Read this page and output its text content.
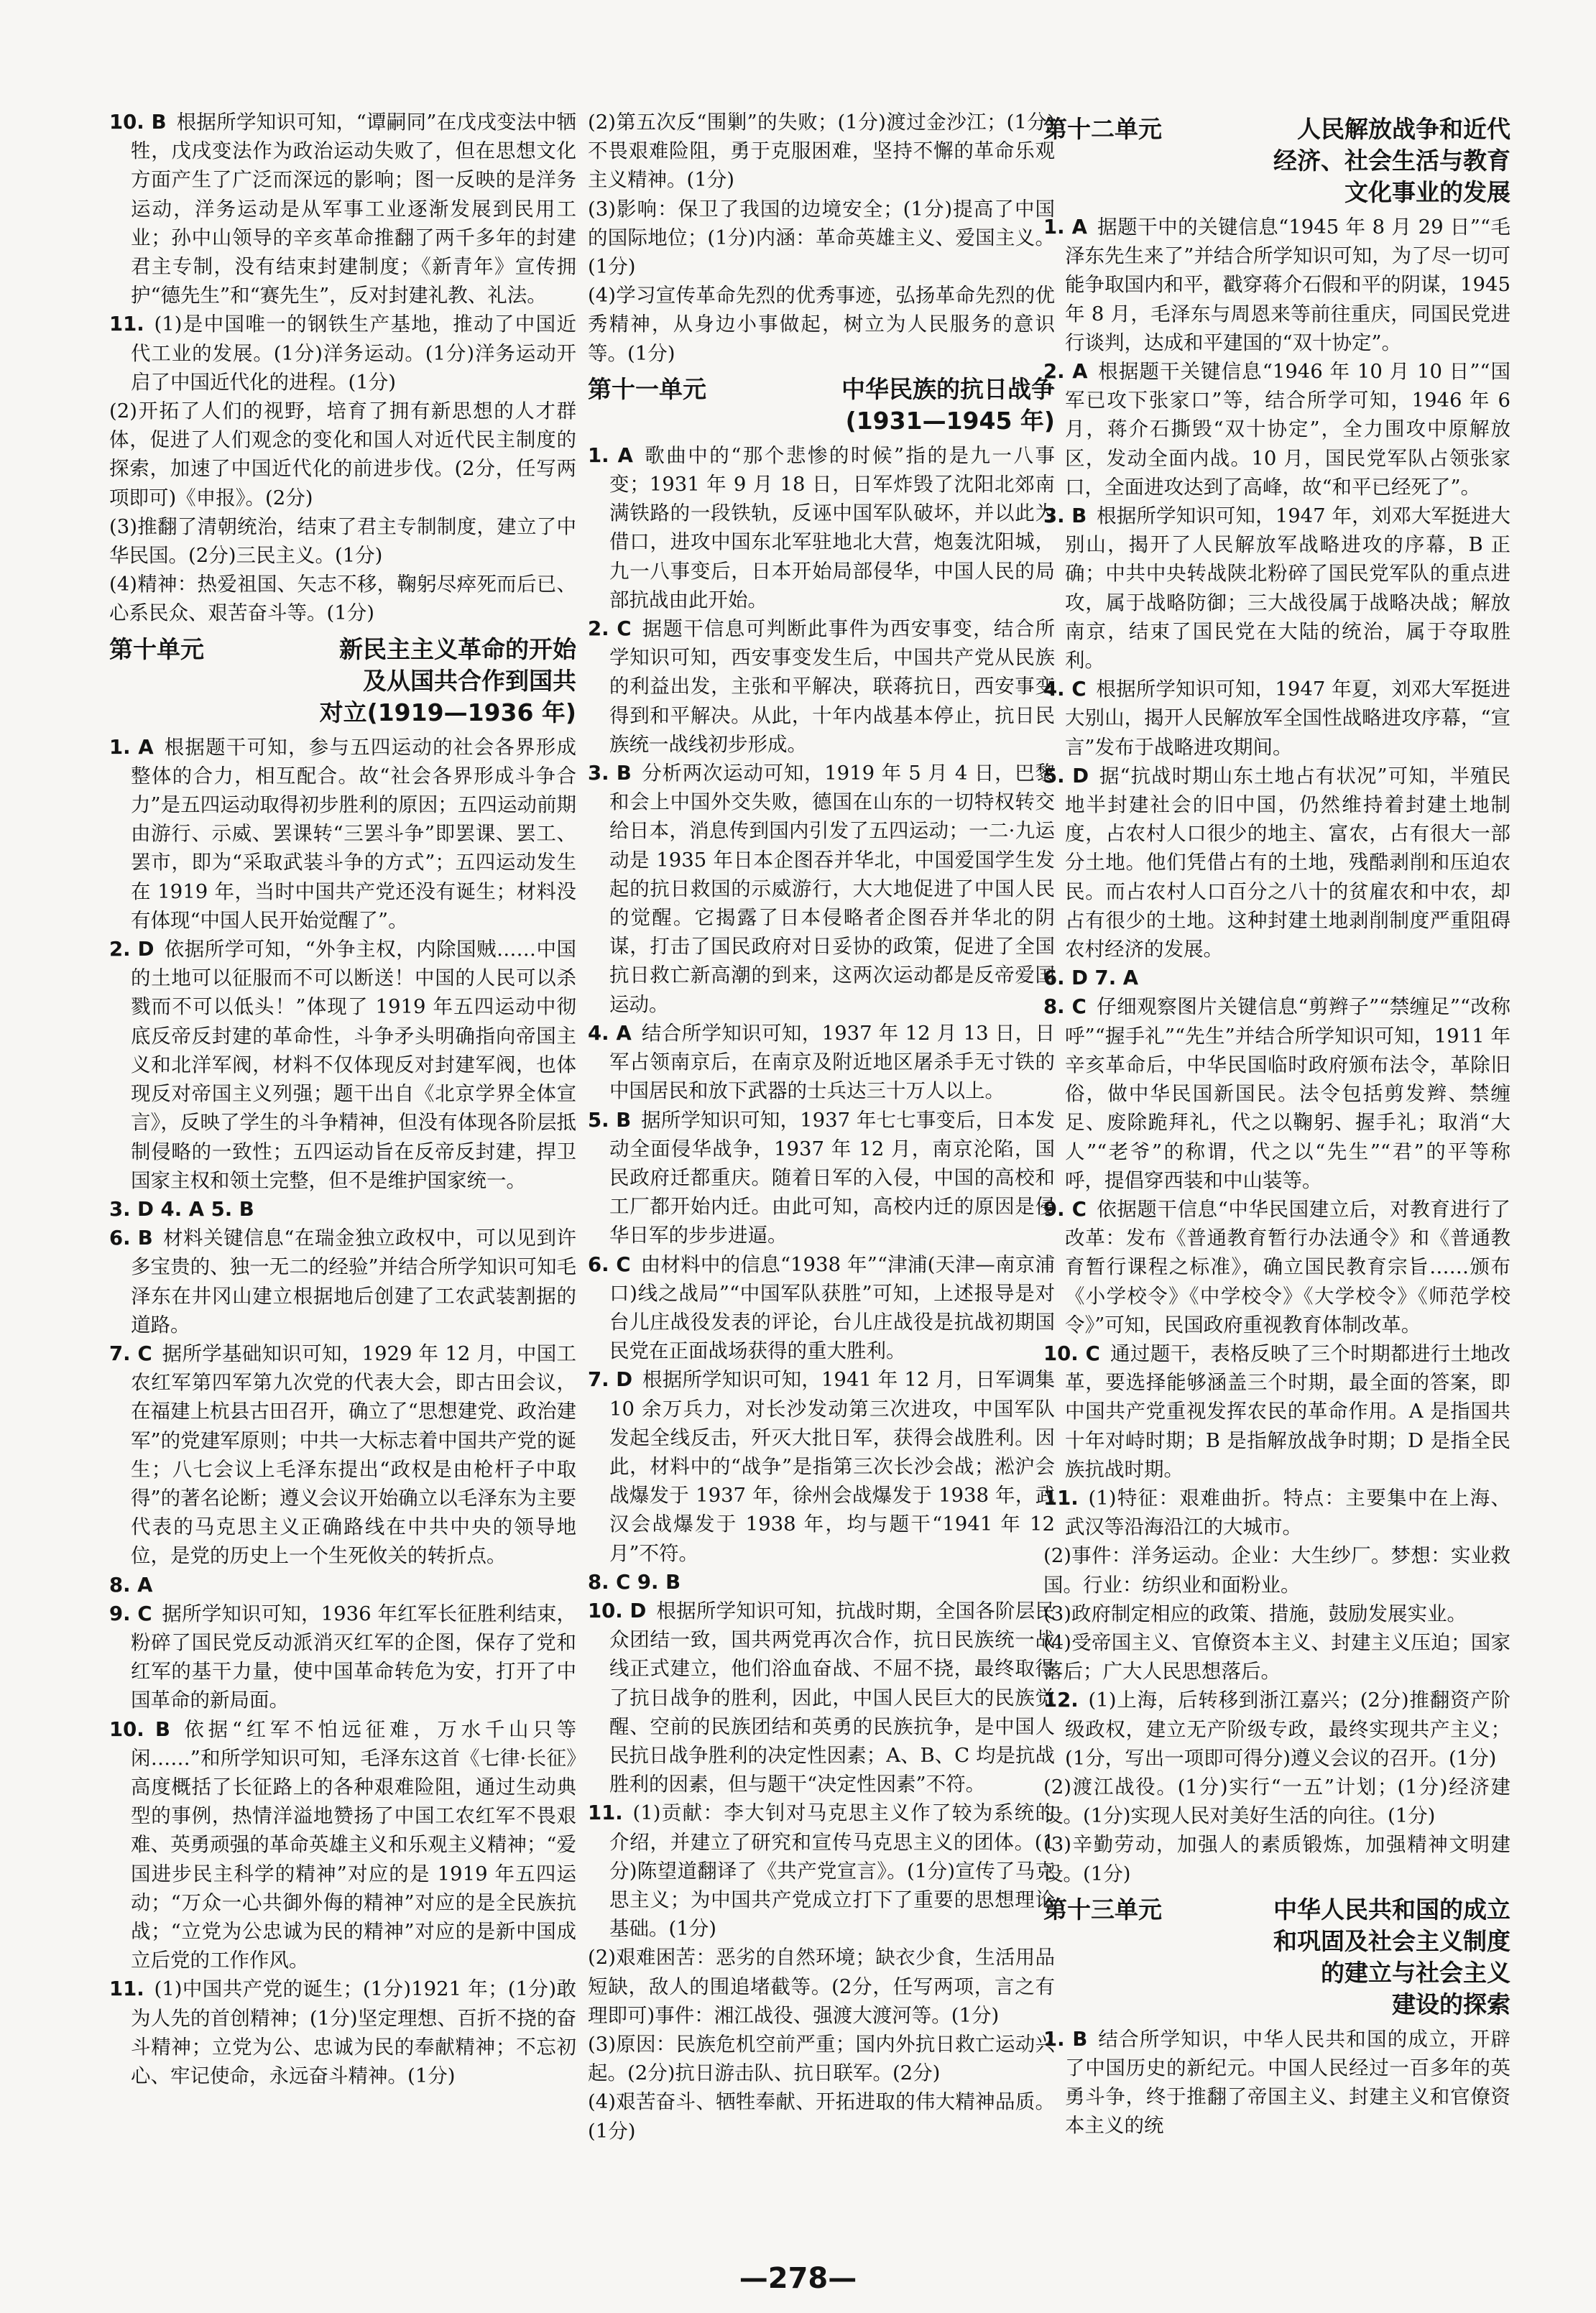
10. B  根据所学知识可知，“谭嗣同”在戊戌变法中牺牲，戊戌变法作为政治运动失败了，但在思想文化方面产生了广泛而深远的影响；图一反映的是洋务运动，洋务运动是从军事工业逐渐发展到民用工业；孙中山领导的辛亥革命推翻了两千多年的封建君主专制，没有结束封建制度；《新青年》宣传拥护“德先生”和“赛先生”，反对封建礼教、礼法。

11.  (1)是中国唯一的钢铁生产基地，推动了中国近代工业的发展。(1分)洋务运动。(1分)洋务运动开启了中国近代化的进程。(1分)

(2)开拓了人们的视野，培育了拥有新思想的人才群体，促进了人们观念的变化和国人对近代民主制度的探索，加速了中国近代化的前进步伐。(2分，任写两项即可)《申报》。(2分)

(3)推翻了清朝统治，结束了君主专制制度，建立了中华民国。(2分)三民主义。(1分)

(4)精神：热爱祖国、矢志不移，鞠躬尽瘁死而后已、心系民众、艰苦奋斗等。(1分)

第十单元	新民主主义革命的开始
及从国共合作到国共
对立(1919—1936 年)

1. A  根据题干可知，参与五四运动的社会各界形成整体的合力，相互配合。故“社会各界形成斗争合力”是五四运动取得初步胜利的原因；五四运动前期由游行、示威、罢课转“三罢斗争”即罢课、罢工、罢市，即为“采取武装斗争的方式”；五四运动发生在 1919 年，当时中国共产党还没有诞生；材料没有体现“中国人民开始觉醒了”。

2. D  依据所学可知，“外争主权，内除国贼……中国的土地可以征服而不可以断送！中国的人民可以杀戮而不可以低头！”体现了 1919 年五四运动中彻底反帝反封建的革命性，斗争矛头明确指向帝国主义和北洋军阀，材料不仅体现反对封建军阀，也体现反对帝国主义列强；题干出自《北京学界全体宣言》，反映了学生的斗争精神，但没有体现各阶层抵制侵略的一致性；五四运动旨在反帝反封建，捍卫国家主权和领土完整，但不是维护国家统一。

3. D 4. A 5. B 

6. B  材料关键信息“在瑞金独立政权中，可以见到许多宝贵的、独一无二的经验”并结合所学知识可知毛泽东在井冈山建立根据地后创建了工农武装割据的道路。

7. C  据所学基础知识可知，1929 年 12 月，中国工农红军第四军第九次党的代表大会，即古田会议，在福建上杭县古田召开，确立了“思想建党、政治建军”的党建军原则；中共一大标志着中国共产党的诞生；八七会议上毛泽东提出“政权是由枪杆子中取得”的著名论断；遵义会议开始确立以毛泽东为主要代表的马克思主义正确路线在中共中央的领导地位，是党的历史上一个生死攸关的转折点。

8. A 

9. C  据所学知识可知，1936 年红军长征胜利结束，粉碎了国民党反动派消灭红军的企图，保存了党和红军的基干力量，使中国革命转危为安，打开了中国革命的新局面。

10. B  依据“红军不怕远征难，万水千山只等闲……”和所学知识可知，毛泽东这首《七律·长征》高度概括了长征路上的各种艰难险阻，通过生动典型的事例，热情洋溢地赞扬了中国工农红军不畏艰难、英勇顽强的革命英雄主义和乐观主义精神；“爱国进步民主科学的精神”对应的是 1919 年五四运动；“万众一心共御外侮的精神”对应的是全民族抗战；“立党为公忠诚为民的精神”对应的是新中国成立后党的工作作风。

11.  (1)中国共产党的诞生；(1分)1921 年；(1分)敢为人先的首创精神；(1分)坚定理想、百折不挠的奋斗精神；立党为公、忠诚为民的奉献精神；不忘初心、牢记使命，永远奋斗精神。(1分)

(2)第五次反“围剿”的失败；(1分)渡过金沙江；(1分)不畏艰难险阻，勇于克服困难，坚持不懈的革命乐观主义精神。(1分)

(3)影响：保卫了我国的边境安全；(1分)提高了中国的国际地位；(1分)内涵：革命英雄主义、爱国主义。(1分)

(4)学习宣传革命先烈的优秀事迹，弘扬革命先烈的优秀精神，从身边小事做起，树立为人民服务的意识等。(1分)

第十一单元	中华民族的抗日战争
(1931—1945 年)

1. A  歌曲中的“那个悲惨的时候”指的是九一八事变；1931 年 9 月 18 日，日军炸毁了沈阳北郊南满铁路的一段铁轨，反诬中国军队破坏，并以此为借口，进攻中国东北军驻地北大营，炮轰沈阳城，九一八事变后，日本开始局部侵华，中国人民的局部抗战由此开始。

2. C  据题干信息可判断此事件为西安事变，结合所学知识可知，西安事变发生后，中国共产党从民族的利益出发，主张和平解决，联蒋抗日，西安事变得到和平解决。从此，十年内战基本停止，抗日民族统一战线初步形成。

3. B  分析两次运动可知，1919 年 5 月 4 日，巴黎和会上中国外交失败，德国在山东的一切特权转交给日本，消息传到国内引发了五四运动；一二·九运动是 1935 年日本企图吞并华北，中国爱国学生发起的抗日救国的示威游行，大大地促进了中国人民的觉醒。它揭露了日本侵略者企图吞并华北的阴谋，打击了国民政府对日妥协的政策，促进了全国抗日救亡新高潮的到来，这两次运动都是反帝爱国运动。

4. A  结合所学知识可知，1937 年 12 月 13 日，日军占领南京后，在南京及附近地区屠杀手无寸铁的中国居民和放下武器的士兵达三十万人以上。

5. B  据所学知识可知，1937 年七七事变后，日本发动全面侵华战争，1937 年 12 月，南京沦陷，国民政府迁都重庆。随着日军的入侵，中国的高校和工厂都开始内迁。由此可知，高校内迁的原因是侵华日军的步步进逼。

6. C  由材料中的信息“1938 年”“津浦(天津—南京浦口)线之战局”“中国军队获胜”可知，上述报导是对台儿庄战役发表的评论，台儿庄战役是抗战初期国民党在正面战场获得的重大胜利。

7. D  根据所学知识可知，1941 年 12 月，日军调集 10 余万兵力，对长沙发动第三次进攻，中国军队发起全线反击，歼灭大批日军，获得会战胜利。因此，材料中的“战争”是指第三次长沙会战；淞沪会战爆发于 1937 年，徐州会战爆发于 1938 年，武汉会战爆发于 1938 年，均与题干“1941 年 12 月”不符。

8. C 9. B 

10. D  根据所学知识可知，抗战时期，全国各阶层民众团结一致，国共两党再次合作，抗日民族统一战线正式建立，他们浴血奋战、不屈不挠，最终取得了抗日战争的胜利，因此，中国人民巨大的民族觉醒、空前的民族团结和英勇的民族抗争，是中国人民抗日战争胜利的决定性因素；A、B、C 均是抗战胜利的因素，但与题干“决定性因素”不符。

11.  (1)贡献：李大钊对马克思主义作了较为系统的介绍，并建立了研究和宣传马克思主义的团体。(1分)陈望道翻译了《共产党宣言》。(1分)宣传了马克思主义；为中国共产党成立打下了重要的思想理论基础。(1分)

(2)艰难困苦：恶劣的自然环境；缺衣少食，生活用品短缺，敌人的围追堵截等。(2分，任写两项，言之有理即可)事件：湘江战役、强渡大渡河等。(1分)

(3)原因：民族危机空前严重；国内外抗日救亡运动兴起。(2分)抗日游击队、抗日联军。(2分)

(4)艰苦奋斗、牺牲奉献、开拓进取的伟大精神品质。(1分)

第十二单元	人民解放战争和近代
经济、社会生活与教育
文化事业的发展

1. A  据题干中的关键信息“1945 年 8 月 29 日”“毛泽东先生来了”并结合所学知识可知，为了尽一切可能争取国内和平，戳穿蒋介石假和平的阴谋，1945 年 8 月，毛泽东与周恩来等前往重庆，同国民党进行谈判，达成和平建国的“双十协定”。

2. A  根据题干关键信息“1946 年 10 月 10 日”“国军已攻下张家口”等，结合所学可知，1946 年 6 月，蒋介石撕毁“双十协定”，全力围攻中原解放区，发动全面内战。10 月，国民党军队占领张家口，全面进攻达到了高峰，故“和平已经死了”。

3. B  根据所学知识可知，1947 年，刘邓大军挺进大别山，揭开了人民解放军战略进攻的序幕，B 正确；中共中央转战陕北粉碎了国民党军队的重点进攻，属于战略防御；三大战役属于战略决战；解放南京，结束了国民党在大陆的统治，属于夺取胜利。

4. C  根据所学知识可知，1947 年夏，刘邓大军挺进大别山，揭开人民解放军全国性战略进攻序幕，“宣言”发布于战略进攻期间。

5. D  据“抗战时期山东土地占有状况”可知，半殖民地半封建社会的旧中国，仍然维持着封建土地制度，占农村人口很少的地主、富农，占有很大一部分土地。他们凭借占有的土地，残酷剥削和压迫农民。而占农村人口百分之八十的贫雇农和中农，却占有很少的土地。这种封建土地剥削制度严重阻碍农村经济的发展。

6. D 7. A 

8. C  仔细观察图片关键信息“剪辫子”“禁缠足”“改称呼”“握手礼”“先生”并结合所学知识可知，1911 年辛亥革命后，中华民国临时政府颁布法令，革除旧俗，做中华民国新国民。法令包括剪发辫、禁缠足、废除跪拜礼，代之以鞠躬、握手礼；取消“大人”“老爷”的称谓，代之以“先生”“君”的平等称呼，提倡穿西装和中山装等。

9. C  依据题干信息“中华民国建立后，对教育进行了改革：发布《普通教育暂行办法通令》和《普通教育暂行课程之标准》，确立国民教育宗旨……颁布《小学校令》《中学校令》《大学校令》《师范学校令》”可知，民国政府重视教育体制改革。

10. C  通过题干，表格反映了三个时期都进行土地改革，要选择能够涵盖三个时期，最全面的答案，即中国共产党重视发挥农民的革命作用。A 是指国共十年对峙时期；B 是指解放战争时期；D 是指全民族抗战时期。

11.  (1)特征：艰难曲折。特点：主要集中在上海、武汉等沿海沿江的大城市。

(2)事件：洋务运动。企业：大生纱厂。梦想：实业救国。行业：纺织业和面粉业。

(3)政府制定相应的政策、措施，鼓励发展实业。

(4)受帝国主义、官僚资本主义、封建主义压迫；国家落后；广大人民思想落后。

12.  (1)上海，后转移到浙江嘉兴；(2分)推翻资产阶级政权，建立无产阶级专政，最终实现共产主义；(1分，写出一项即可得分)遵义会议的召开。(1分)

(2)渡江战役。(1分)实行“一五”计划；(1分)经济建设。(1分)实现人民对美好生活的向往。(1分)

(3)辛勤劳动，加强人的素质锻炼，加强精神文明建设。(1分)

第十三单元	中华人民共和国的成立
和巩固及社会主义制度
的建立与社会主义
建设的探索

1. B  结合所学知识，中华人民共和国的成立，开辟了中国历史的新纪元。中国人民经过一百多年的英勇斗争，终于推翻了帝国主义、封建主义和官僚资本主义的统

—278—
